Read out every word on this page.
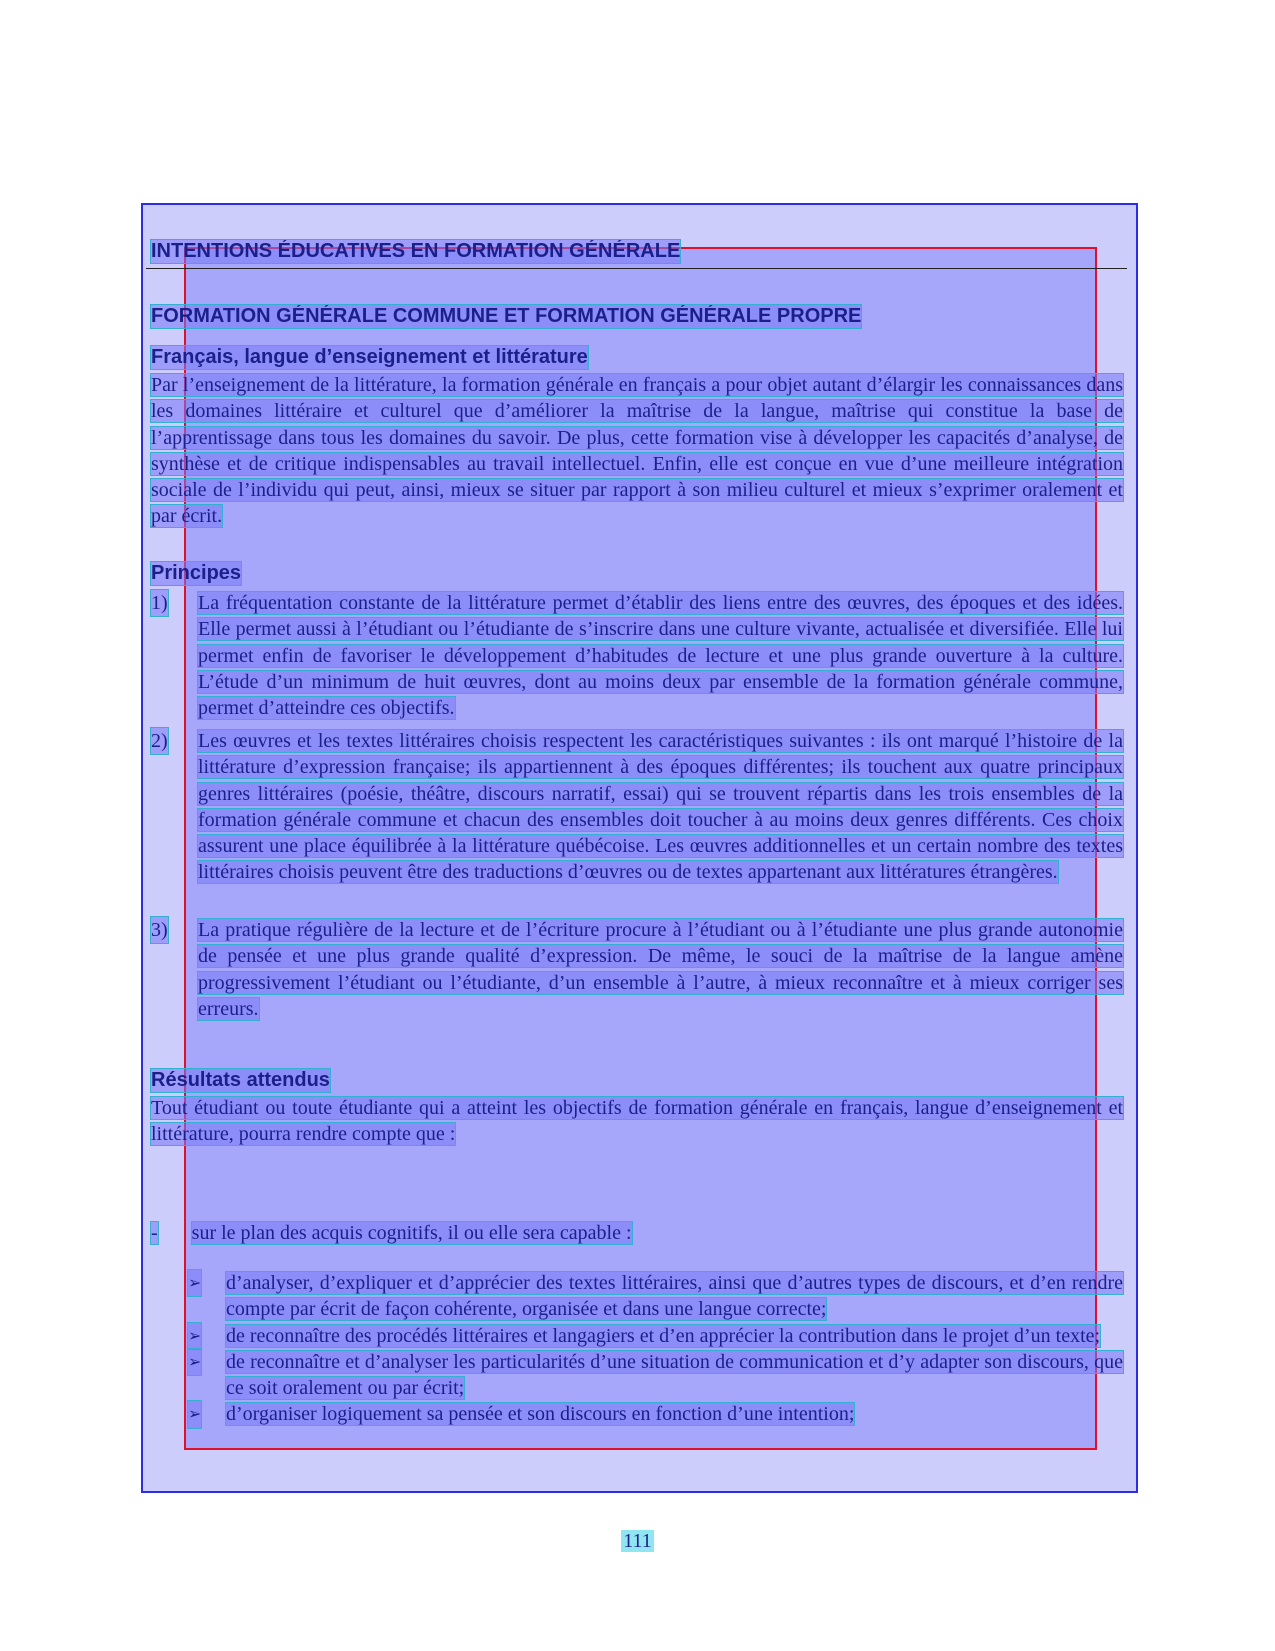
INTENTIONS ÉDUCATIVES EN FORMATION GÉNÉRALE
FORMATION GÉNÉRALE COMMUNE ET FORMATION GÉNÉRALE PROPRE
Français, langue d’enseignement et littérature
Par l’enseignement de la littérature, la formation générale en français a pour objet autant d’élargir les connaissances dans les domaines littéraire et culturel que d’améliorer la maîtrise de la langue, maîtrise qui constitue la base de l’apprentissage dans tous les domaines du savoir. De plus, cette formation vise à développer les capacités d’analyse, de synthèse et de critique indispensables au travail intellectuel. Enfin, elle est conçue en vue d’une meilleure intégration sociale de l’individu qui peut, ainsi, mieux se situer par rapport à son milieu culturel et mieux s’exprimer oralement et par écrit.
Principes
1) La fréquentation constante de la littérature permet d’établir des liens entre des œuvres, des époques et des idées. Elle permet aussi à l’étudiant ou l’étudiante de s’inscrire dans une culture vivante, actualisée et diversifiée. Elle lui permet enfin de favoriser le développement d’habitudes de lecture et une plus grande ouverture à la culture. L’étude d’un minimum de huit œuvres, dont au moins deux par ensemble de la formation générale commune, permet d’atteindre ces objectifs.
2) Les œuvres et les textes littéraires choisis respectent les caractéristiques suivantes : ils ont marqué l’histoire de la littérature d’expression française; ils appartiennent à des époques différentes; ils touchent aux quatre principaux genres littéraires (poésie, théâtre, discours narratif, essai) qui se trouvent répartis dans les trois ensembles de la formation générale commune et chacun des ensembles doit toucher à au moins deux genres différents. Ces choix assurent une place équilibrée à la littérature québécoise. Les œuvres additionnelles et un certain nombre des textes littéraires choisis peuvent être des traductions d’œuvres ou de textes appartenant aux littératures étrangères.
3) La pratique régulière de la lecture et de l’écriture procure à l’étudiant ou à l’étudiante une plus grande autonomie de pensée et une plus grande qualité d’expression. De même, le souci de la maîtrise de la langue amène progressivement l’étudiant ou l’étudiante, d’un ensemble à l’autre, à mieux reconnaître et à mieux corriger ses erreurs.
Résultats attendus
Tout étudiant ou toute étudiante qui a atteint les objectifs de formation générale en français, langue d’enseignement et littérature, pourra rendre compte que :
- sur le plan des acquis cognitifs, il ou elle sera capable :
➢ d’analyser, d’expliquer et d’apprécier des textes littéraires, ainsi que d’autres types de discours, et d’en rendre compte par écrit de façon cohérente, organisée et dans une langue correcte;
➢ de reconnaître des procédés littéraires et langagiers et d’en apprécier la contribution dans le projet d’un texte;
➢ de reconnaître et d’analyser les particularités d’une situation de communication et d’y adapter son discours, que ce soit oralement ou par écrit;
➢ d’organiser logiquement sa pensée et son discours en fonction d’une intention;
111
